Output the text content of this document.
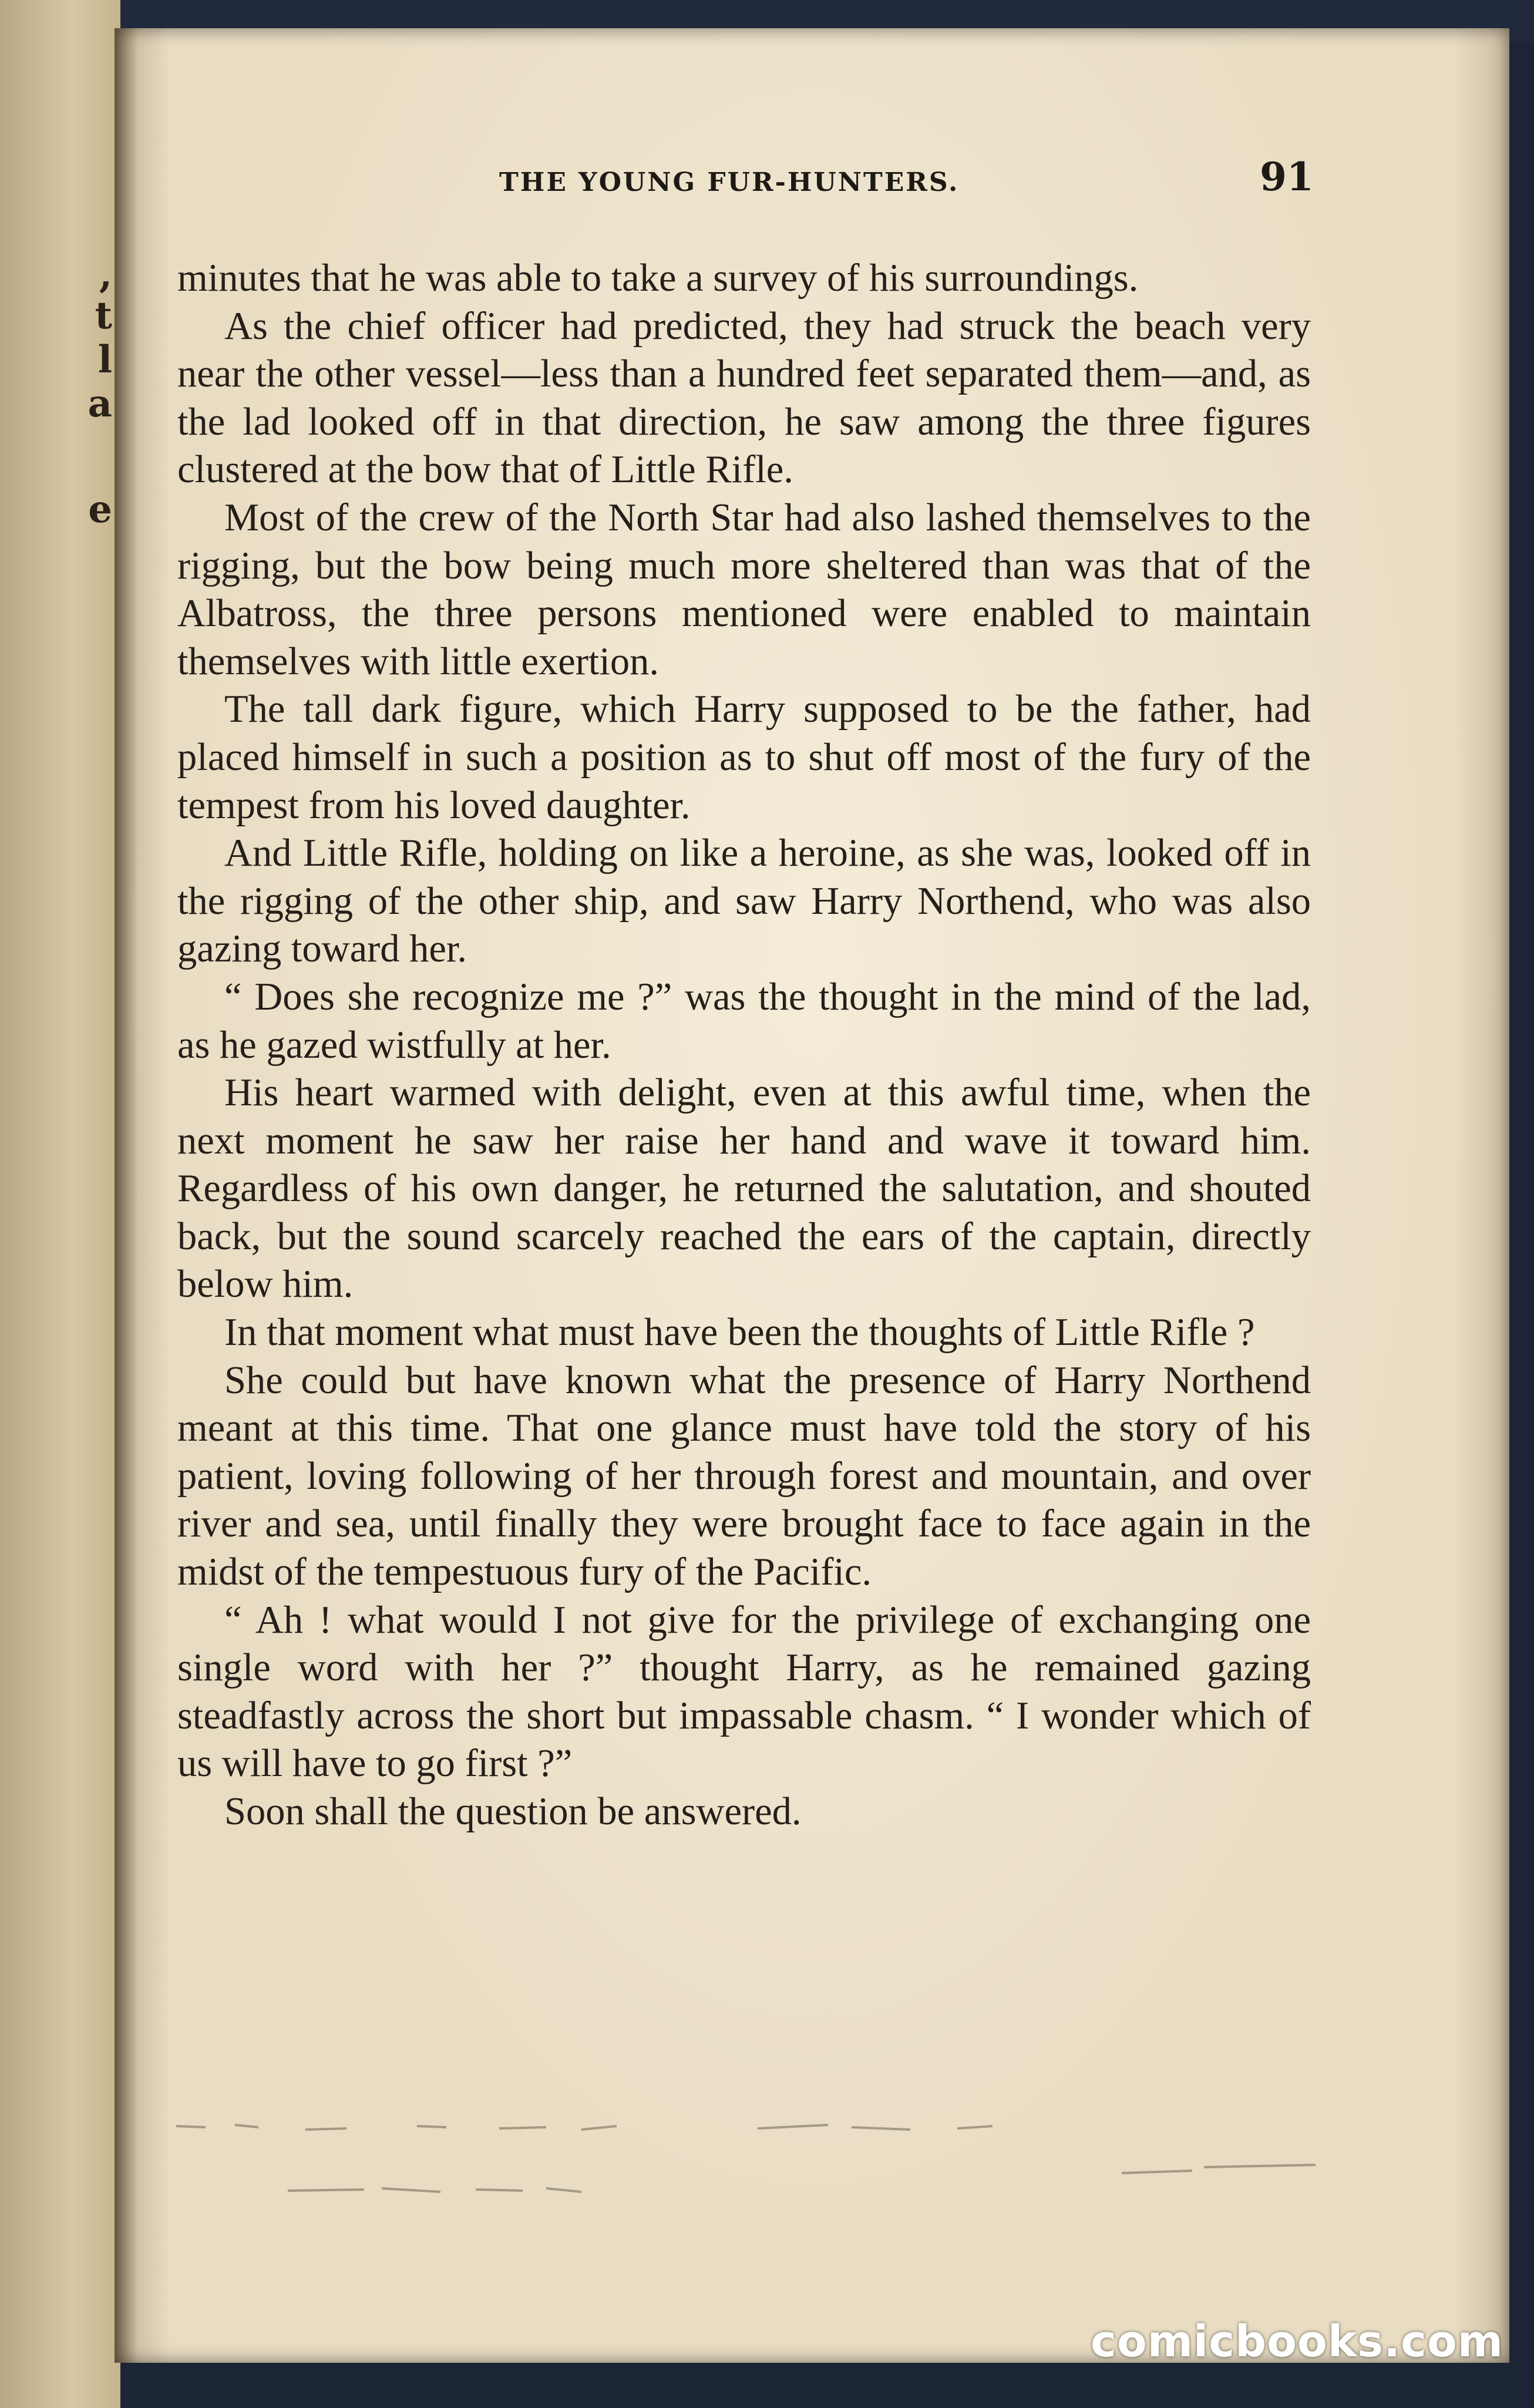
,
t
l
a
e
THE YOUNG FUR-HUNTERS.	91

minutes that he was able to take a survey of his surroundings.

As the chief officer had predicted, they had struck the beach very near the other vessel—less than a hundred feet separated them—and, as the lad looked off in that direction, he saw among the three figures clustered at the bow that of Little Rifle.

Most of the crew of the North Star had also lashed themselves to the rigging, but the bow being much more sheltered than was that of the Albatross, the three persons mentioned were enabled to maintain themselves with little exertion.

The tall dark figure, which Harry supposed to be the father, had placed himself in such a position as to shut off most of the fury of the tempest from his loved daughter.

And Little Rifle, holding on like a heroine, as she was, looked off in the rigging of the other ship, and saw Harry Northend, who was also gazing toward her.

“ Does she recognize me ?” was the thought in the mind of the lad, as he gazed wistfully at her.

His heart warmed with delight, even at this awful time, when the next moment he saw her raise her hand and wave it toward him. Regardless of his own danger, he returned the salutation, and shouted back, but the sound scarcely reached the ears of the captain, directly below him.

In that moment what must have been the thoughts of Little Rifle ?

She could but have known what the presence of Harry Northend meant at this time. That one glance must have told the story of his patient, loving following of her through forest and mountain, and over river and sea, until finally they were brought face to face again in the midst of the tempestuous fury of the Pacific.

“ Ah ! what would I not give for the privilege of exchanging one single word with her ?” thought Harry, as he remained gazing steadfastly across the short but impassable chasm. “ I wonder which of us will have to go first ?”

Soon shall the question be answered.

comicbooks.com
